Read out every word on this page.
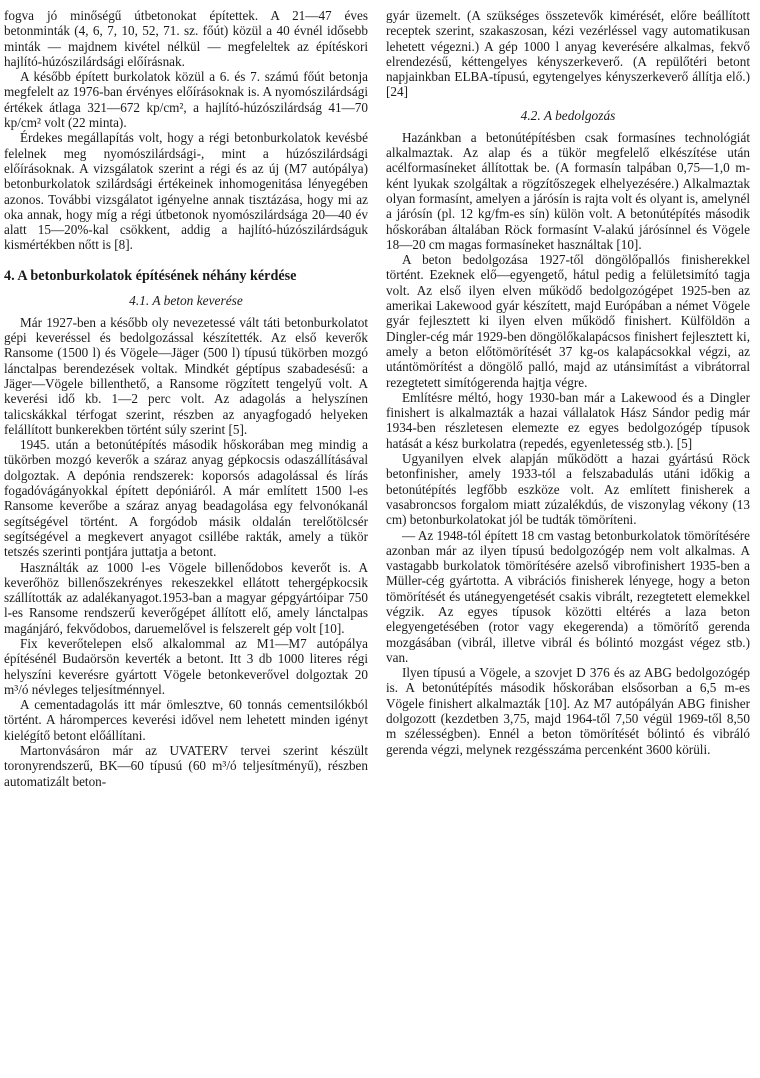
fogva jó minőségű útbetonokat építettek. A 21—47 éves betonminták (4, 6, 7, 10, 52, 71. sz. főút) közül a 40 évnél idősebb minták — majdnem kivétel nélkül — megfeleltek az építéskori hajlító-húzószilárdsági előírásnak.

A később épített burkolatok közül a 6. és 7. számú főút betonja megfelelt az 1976-ban érvényes előírásoknak is. A nyomószilárdsági értékek átlaga 321—672 kp/cm², a hajlító-húzószilárdság 41—70 kp/cm² volt (22 minta).

Érdekes megállapítás volt, hogy a régi betonburkolatok kevésbé felelnek meg nyomószilárdsági-, mint a húzószilárdsági előírásoknak. A vizsgálatok szerint a régi és az új (M7 autópálya) betonburkolatok szilárdsági értékeinek inhomogenitása lényegében azonos. További vizsgálatot igényelne annak tisztázása, hogy mi az oka annak, hogy míg a régi útbetonok nyomószilárdsága 20—40 év alatt 15—20%-kal csökkent, addig a hajlító-húzószilárdságuk kismértékben nőtt is [8].

4. A betonburkolatok építésének néhány kérdése
4.1. A beton keverése

Már 1927-ben a később oly nevezetessé vált táti betonburkolatot gépi keveréssel és bedolgozással készítették. Az első keverők Ransome (1500 l) és Vögele—Jäger (500 l) típusú tükörben mozgó lánctalpas berendezések voltak. Mindkét géptípus szabadesésű: a Jäger—Vögele billenthető, a Ransome rögzített tengelyű volt. A keverési idő kb. 1—2 perc volt. Az adagolás a helyszínen talicskákkal térfogat szerint, részben az anyagfogadó helyeken felállított bunkerekben történt súly szerint [5].

1945. után a betonútépítés második hőskorában meg mindig a tükörben mozgó keverők a száraz anyag gépkocsis odaszállításával dolgoztak. A depónia rendszerek: koporsós adagolással és lírás fogadóvágányokkal épített depóniáról. A már említett 1500 l-es Ransome keverőbe a száraz anyag beadagolása egy felvonókanál segítségével történt. A forgódob másik oldalán terelőtölcsér segítségével a megkevert anyagot csillébe rakták, amely a tükör tetszés szerinti pontjára juttatja a betont.

Használták az 1000 l-es Vögele billenődobos keverőt is. A keverőhöz billenőszekrényes rekeszekkel ellátott tehergépkocsik szállították az adalékanyagot.1953-ban a magyar gépgyártóipar 750 l-es Ransome rendszerű keverőgépet állított elő, amely lánctalpas magánjáró, fekvődobos, daruemelővel is felszerelt gép volt [10].

Fix keverőtelepen első alkalommal az M1—M7 autópálya építésénél Budaörsön keverték a betont. Itt 3 db 1000 literes régi helyszíni keverésre gyártott Vögele betonkeverővel dolgoztak 20 m³/ó névleges teljesítménnyel.

A cementadagolás itt már ömlesztve, 60 tonnás cementsilókból történt. A háromperces keverési idővel nem lehetett minden igényt kielégítő betont előállítani.

Martonvásáron már az UVATERV tervei szerint készült toronyrendszerű, BK—60 típusú (60 m³/ó teljesítményű), részben automatizált beton-

gyár üzemelt. (A szükséges összetevők kimérését, előre beállított receptek szerint, szakaszosan, kézi vezérléssel vagy automatikusan lehetett végezni.) A gép 1000 l anyag keverésére alkalmas, fekvő elrendezésű, kéttengelyes kényszerkeverő. (A repülőtéri betont napjainkban ELBA-típusú, egytengelyes kényszerkeverő állítja elő.) [24]

4.2. A bedolgozás

Hazánkban a betonútépítésben csak formasínes technológiát alkalmaztak. Az alap és a tükör megfelelő elkészítése után acélformasíneket állítottak be. (A formasín talpában 0,75—1,0 m-ként lyukak szolgáltak a rögzítőszegek elhelyezésére.) Alkalmaztak olyan formasínt, amelyen a járósín is rajta volt és olyant is, amelynél a járósín (pl. 12 kg/fm-es sín) külön volt. A betonútépítés második hőskorában általában Röck formasínt V-alakú járósínnel és Vögele 18—20 cm magas formasíneket használtak [10].

A beton bedolgozása 1927-től döngölőpallós finisherekkel történt. Ezeknek elő—egyengető, hátul pedig a felületsimító tagja volt. Az első ilyen elven működő bedolgozógépet 1925-ben az amerikai Lakewood gyár készített, majd Európában a német Vögele gyár fejlesztett ki ilyen elven működő finishert. Külföldön a Dingler-cég már 1929-ben döngölőkalapácsos finishert fejlesztett ki, amely a beton előtömörítését 37 kg-os kalapácsokkal végzi, az utántömörítést a döngölő palló, majd az utánsimítást a vibrátorral rezegtetett simítógerenda hajtja végre.

Említésre méltó, hogy 1930-ban már a Lakewood és a Dingler finishert is alkalmazták a hazai vállalatok Hász Sándor pedig már 1934-ben részletesen elemezte ez egyes bedolgozógép típusok hatását a kész burkolatra (repedés, egyenletesség stb.). [5]

Ugyanilyen elvek alapján működött a hazai gyártású Röck betonfinisher, amely 1933-tól a felszabadulás utáni időkig a betonútépítés legfőbb eszköze volt. Az említett finisherek a vasabroncsos forgalom miatt zúzalékdús, de viszonylag vékony (13 cm) betonburkolatokat jól be tudták tömöríteni.

— Az 1948-tól épített 18 cm vastag betonburkolatok tömörítésére azonban már az ilyen típusú bedolgozógép nem volt alkalmas. A vastagabb burkolatok tömörítésére azelső vibrofinishert 1935-ben a Müller-cég gyártotta. A vibrációs finisherek lényege, hogy a beton tömörítését és utánegyengetését csakis vibrált, rezegtetett elemekkel végzik. Az egyes típusok közötti eltérés a laza beton elegyengetésében (rotor vagy ekegerenda) a tömörítő gerenda mozgásában (vibrál, illetve vibrál és bólintó mozgást végez stb.) van.

Ilyen típusú a Vögele, a szovjet D 376 és az ABG bedolgozógép is. A betonútépítés második hőskorában elsősorban a 6,5 m-es Vögele finishert alkalmazták [10]. Az M7 autópályán ABG finisher dolgozott (kezdetben 3,75, majd 1964-től 7,50 végül 1969-től 8,50 m szélességben). Ennél a beton tömörítését bólintó és vibráló gerenda végzi, melynek rezgésszáma percenként 3600 körüli.
